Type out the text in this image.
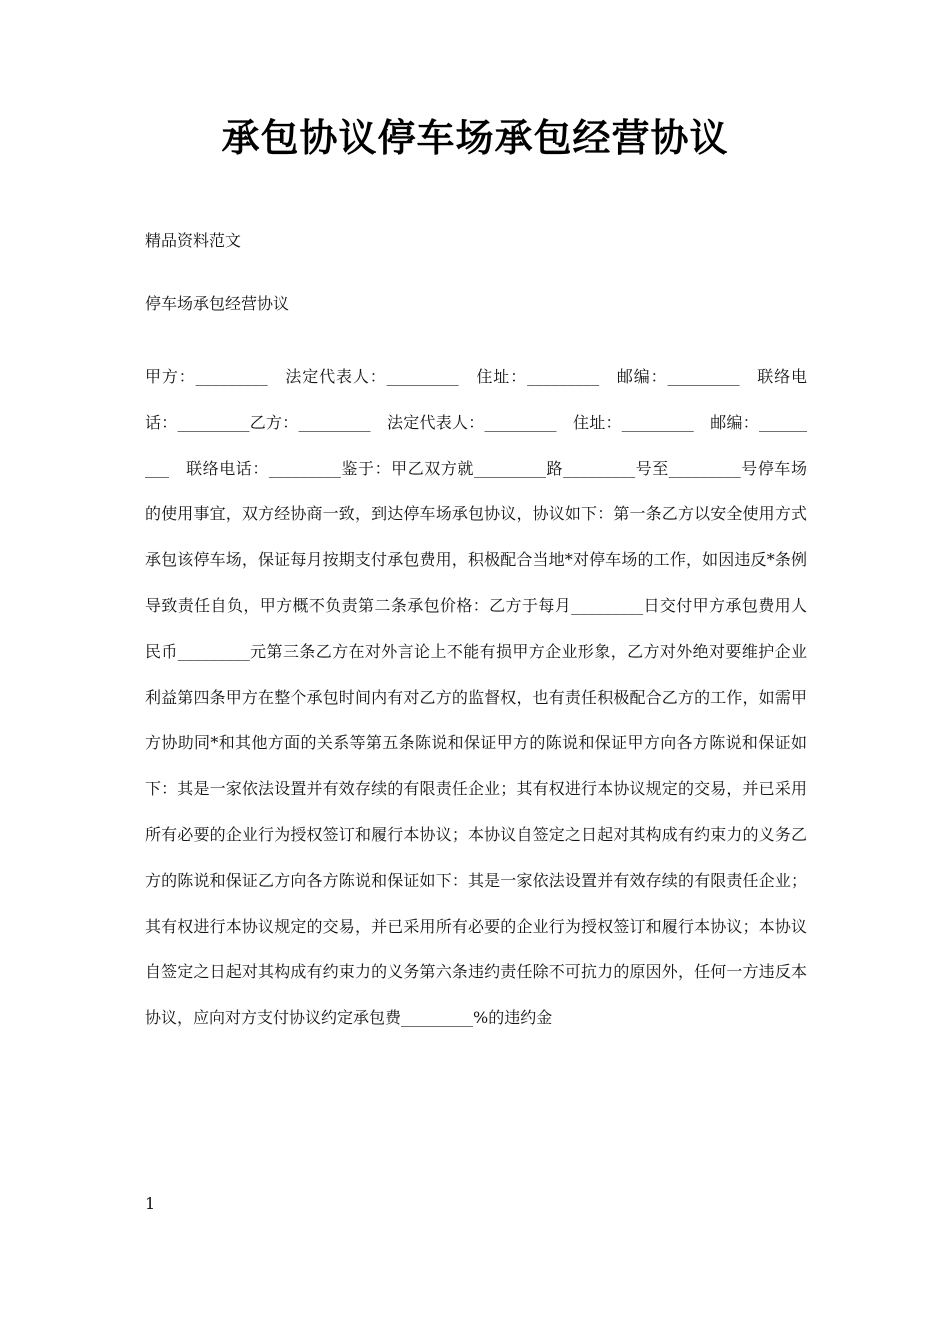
承包协议停车场承包经营协议
精品资料范文
停车场承包经营协议
甲方：_________　法定代表人：_________　住址：_________　邮编：_________　联络电话：_________乙方：_________　法定代表人：_________　住址：_________　邮编：_________　联络电话：_________鉴于：甲乙双方就_________路_________号至_________号停车场的使用事宜，双方经协商一致，到达停车场承包协议，协议如下：第一条乙方以安全使用方式承包该停车场，保证每月按期支付承包费用，积极配合当地*对停车场的工作，如因违反*条例导致责任自负，甲方概不负责第二条承包价格：乙方于每月_________日交付甲方承包费用人民币_________元第三条乙方在对外言论上不能有损甲方企业形象，乙方对外绝对要维护企业利益第四条甲方在整个承包时间内有对乙方的监督权，也有责任积极配合乙方的工作，如需甲方协助同*和其他方面的关系等第五条陈说和保证甲方的陈说和保证甲方向各方陈说和保证如下：其是一家依法设置并有效存续的有限责任企业；其有权进行本协议规定的交易，并已采用所有必要的企业行为授权签订和履行本协议；本协议自签定之日起对其构成有约束力的义务乙方的陈说和保证乙方向各方陈说和保证如下：其是一家依法设置并有效存续的有限责任企业；其有权进行本协议规定的交易，并已采用所有必要的企业行为授权签订和履行本协议；本协议自签定之日起对其构成有约束力的义务第六条违约责任除不可抗力的原因外，任何一方违反本协议，应向对方支付协议约定承包费_________%的违约金
1
